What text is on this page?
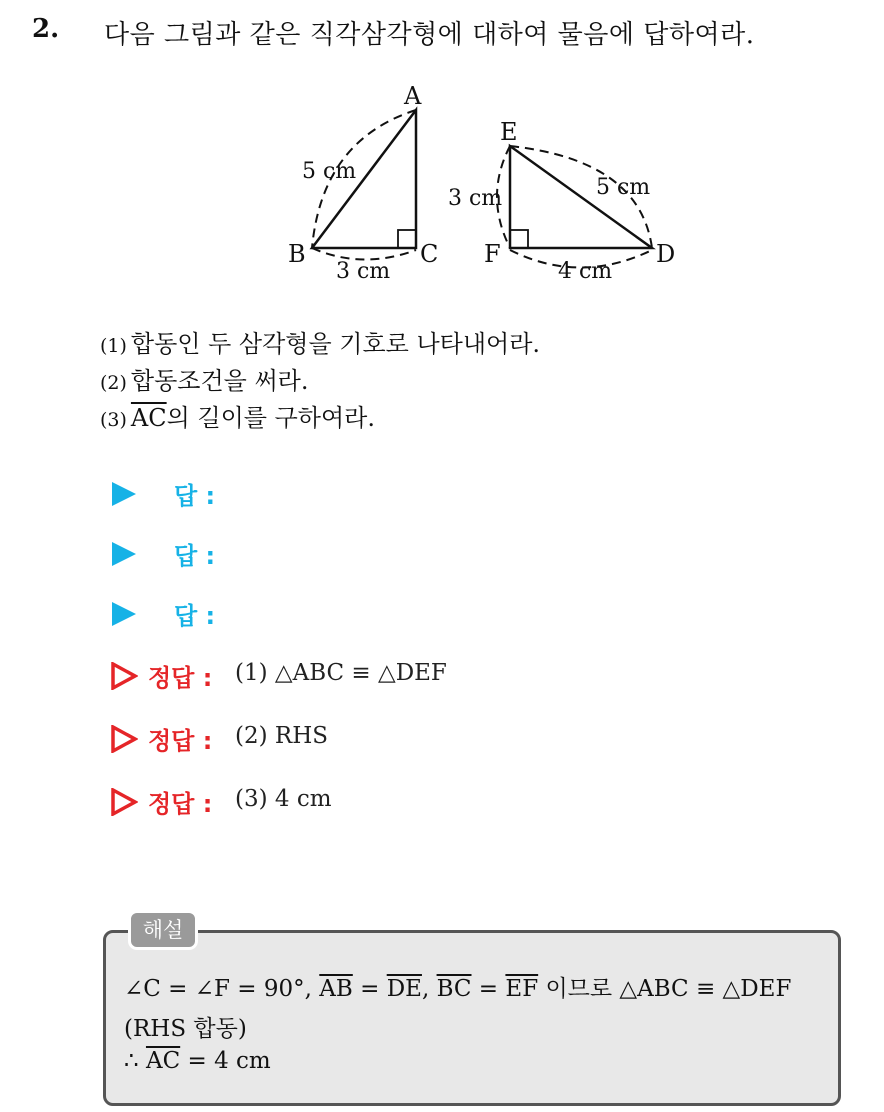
2. 다음 그림과 같은 직각삼각형에 대하여 물음에 답하여라.
A
B	C
E
F	D
5 cm
3 cm
3 cm	5 cm
4 cm
(1) 합동인 두 삼각형을 기호로 나타내어라.
(2) 합동조건을 써라.
(3) $\overline{AC}$의 길이를 구하여라.
답 :
답 :
답 :
정답 : (1) △ABC ≡ △DEF
정답 : (2) RHS
정답 : (3) 4 cm
해설
∠C = ∠F = 90°, $\overline{AB} = \overline{DE}$, $\overline{BC} = \overline{EF}$ 이므로 △ABC ≡ △DEF
(RHS 합동)
∴ $\overline{AC} = 4$ cm
